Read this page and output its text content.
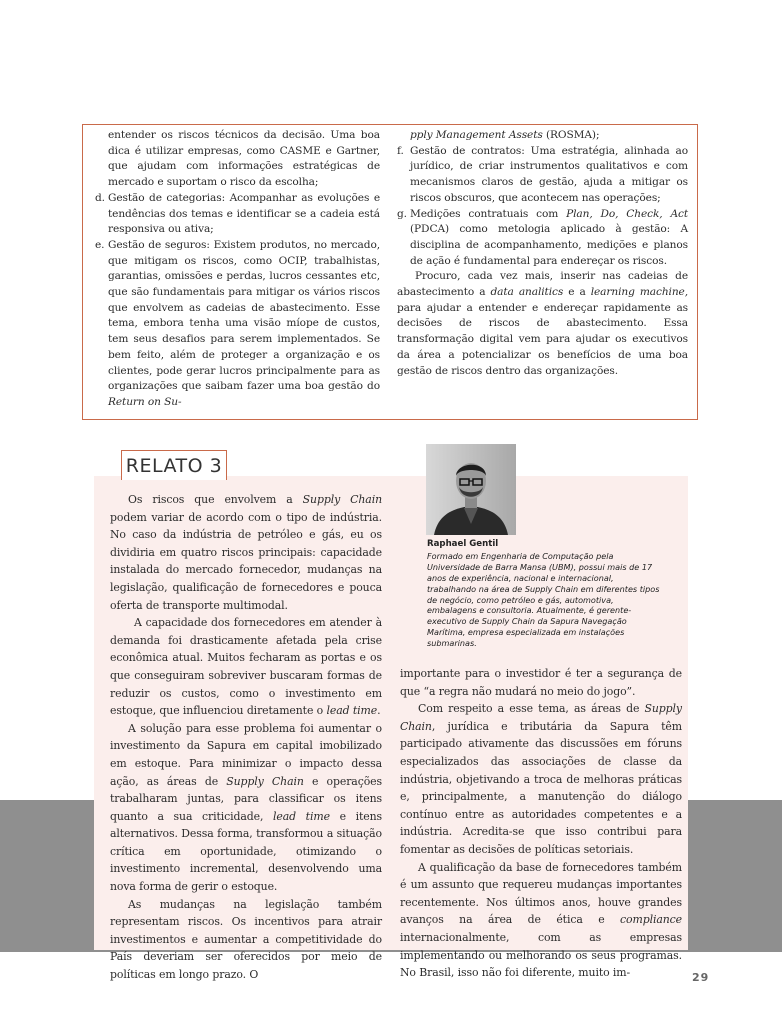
entender os riscos técnicos da decisão. Uma boa dica é utilizar empresas, como CASME e Gartner, que ajudam com informações estratégicas de mercado e suportam o risco da escolha;

d. Gestão de categorias: Acompanhar as evoluções e tendências dos temas e identificar se a cadeia está responsiva ou ativa;

e. Gestão de seguros: Existem produtos, no mercado, que mitigam os riscos, como OCIP, trabalhistas, garantias, omissões e perdas, lucros cessantes etc, que são fundamentais para mitigar os vários riscos que envolvem as cadeias de abastecimento. Esse tema, embora tenha uma visão míope de custos, tem seus desafios para serem implementados. Se bem feito, além de proteger a organização e os clientes, pode gerar lucros principalmente para as organizações que saibam fazer uma boa gestão do Return on Su-

pply Management Assets (ROSMA);

f. Gestão de contratos: Uma estratégia, alinhada ao jurídico, de criar instrumentos qualitativos e com mecanismos claros de gestão, ajuda a mitigar os riscos obscuros, que acontecem nas operações;

g. Medições contratuais com Plan, Do, Check, Act (PDCA) como metologia aplicado à gestão: A disciplina de acompanhamento, medições e planos de ação é fundamental para endereçar os riscos.

Procuro, cada vez mais, inserir nas cadeias de abastecimento a data analitics e a learning machine, para ajudar a entender e endereçar rapidamente as decisões de riscos de abastecimento. Essa transformação digital vem para ajudar os executivos da área a potencializar os benefícios de uma boa gestão de riscos dentro das organizações.

RELATO 3
Raphael Gentil
Formado em Engenharia de Computação pela Universidade de Barra Mansa (UBM), possui mais de 17 anos de experiência, nacional e internacional, trabalhando na área de Supply Chain em diferentes tipos de negócio, como petróleo e gás, automotiva, embalagens e consultoria. Atualmente, é gerente-executivo de Supply Chain da Sapura Navegação Marítima, empresa especializada em instalações submarinas.

Os riscos que envolvem a Supply Chain podem variar de acordo com o tipo de indústria. No caso da indústria de petróleo e gás, eu os dividiria em quatro riscos principais: capacidade instalada do mercado fornecedor, mudanças na legislação, qualificação de fornecedores e pouca oferta de transporte multimodal.

A capacidade dos fornecedores em atender à demanda foi drasticamente afetada pela crise econômica atual. Muitos fecharam as portas e os que conseguiram sobreviver buscaram formas de reduzir os custos, como o investimento em estoque, que influenciou diretamente o lead time.

A solução para esse problema foi aumentar o investimento da Sapura em capital imobilizado em estoque. Para minimizar o impacto dessa ação, as áreas de Supply Chain e operações trabalharam juntas, para classificar os itens quanto a sua criticidade, lead time e itens alternativos. Dessa forma, transformou a situação crítica em oportunidade, otimizando o investimento incremental, desenvolvendo uma nova forma de gerir o estoque.

As mudanças na legislação também representam riscos. Os incentivos para atrair investimentos e aumentar a competitividade do País deveriam ser oferecidos por meio de políticas em longo prazo. O

importante para o investidor é ter a segurança de que “a regra não mudará no meio do jogo”.

Com respeito a esse tema, as áreas de Supply Chain, jurídica e tributária da Sapura têm participado ativamente das discussões em fóruns especializados das associações de classe da indústria, objetivando a troca de melhoras práticas e, principalmente, a manutenção do diálogo contínuo entre as autoridades competentes e a indústria. Acredita-se que isso contribui para fomentar as decisões de políticas setoriais.

A qualificação da base de fornecedores também é um assunto que requereu mudanças importantes recentemente. Nos últimos anos, houve grandes avanços na área de ética e compliance internacionalmente, com as empresas implementando ou melhorando os seus programas. No Brasil, isso não foi diferente, muito im-	29
